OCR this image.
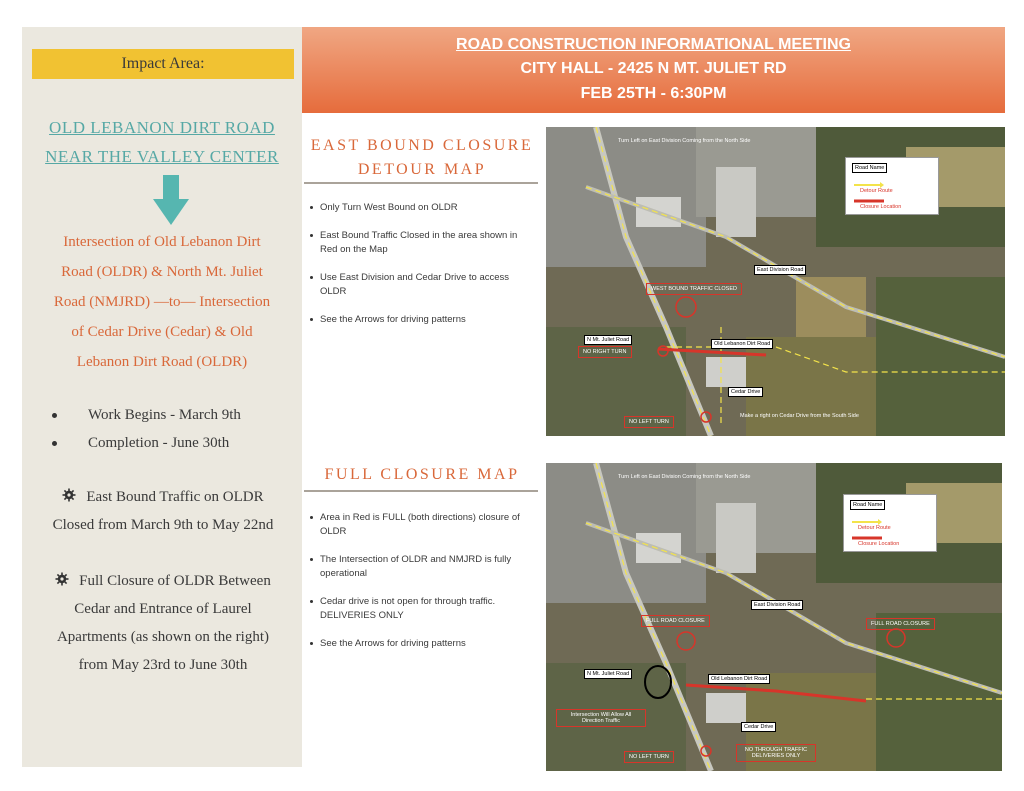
Impact Area:
OLD LEBANON DIRT ROAD
NEAR THE VALLEY CENTER
Intersection of Old Lebanon Dirt
Road (OLDR) & North Mt. Juliet
Road (NMJRD) —to— Intersection
of Cedar Drive (Cedar) & Old
Lebanon Dirt Road (OLDR)
Work Begins - March 9th
Completion - June 30th
East Bound Traffic on OLDR
Closed from March 9th to May 22nd
Full Closure of OLDR Between
Cedar and Entrance of Laurel
Apartments (as shown on the right)
from May 23rd to June 30th
ROAD CONSTRUCTION INFORMATIONAL MEETING
CITY HALL - 2425 N MT. JULIET RD
FEB 25TH - 6:30PM
EAST BOUND CLOSURE
DETOUR MAP
Only Turn West Bound on OLDR
East Bound Traffic Closed in the area shown in Red on the Map
Use East Division and Cedar Drive to access OLDR
See the Arrows for driving patterns
Turn Left on East Division Coming from the North Side
East Division Road
WEST BOUND TRAFFIC CLOSED
N Mt. Juliet Road
NO RIGHT TURN
Old Lebanon Dirt Road
Cedar Drive
Make a right on Cedar Drive from the South Side
NO LEFT TURN
Road Name
Detour Route
Closure Location
FULL CLOSURE MAP
Area in Red is FULL (both directions) closure of OLDR
The Intersection of OLDR and NMJRD is fully operational
Cedar drive is not open for through traffic. DELIVERIES ONLY
See the Arrows for driving patterns
Turn Left on East Division Coming from the North Side
East Division Road
FULL ROAD CLOSURE	FULL ROAD CLOSURE
N Mt. Juliet Road
Old Lebanon Dirt Road
Intersection Will Allow All Direction Traffic
Cedar Drive
NO LEFT TURN
NO THROUGH TRAFFIC DELIVERIES ONLY
Road Name
Detour Route
Closure Location
